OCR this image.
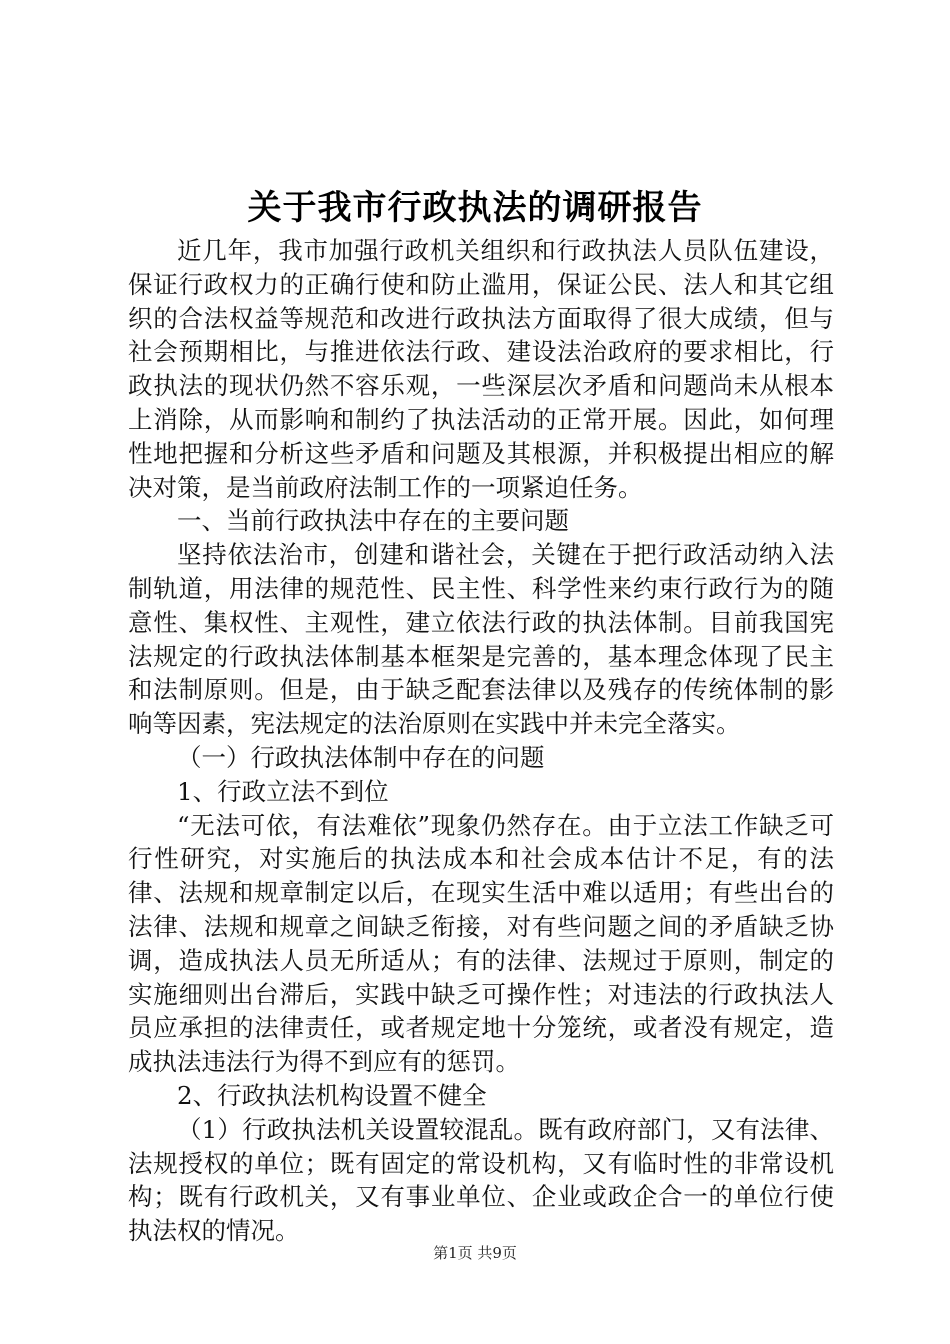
关于我市行政执法的调研报告

近几年，我市加强行政机关组织和行政执法人员队伍建设，保证行政权力的正确行使和防止滥用，保证公民、法人和其它组织的合法权益等规范和改进行政执法方面取得了很大成绩，但与社会预期相比，与推进依法行政、建设法治政府的要求相比，行政执法的现状仍然不容乐观，一些深层次矛盾和问题尚未从根本上消除，从而影响和制约了执法活动的正常开展。因此，如何理性地把握和分析这些矛盾和问题及其根源，并积极提出相应的解决对策，是当前政府法制工作的一项紧迫任务。

一、当前行政执法中存在的主要问题

坚持依法治市，创建和谐社会，关键在于把行政活动纳入法制轨道，用法律的规范性、民主性、科学性来约束行政行为的随意性、集权性、主观性，建立依法行政的执法体制。目前我国宪法规定的行政执法体制基本框架是完善的，基本理念体现了民主和法制原则。但是，由于缺乏配套法律以及残存的传统体制的影响等因素，宪法规定的法治原则在实践中并未完全落实。

（一）行政执法体制中存在的问题

1、行政立法不到位

“无法可依，有法难依”现象仍然存在。由于立法工作缺乏可行性研究，对实施后的执法成本和社会成本估计不足，有的法律、法规和规章制定以后，在现实生活中难以适用；有些出台的法律、法规和规章之间缺乏衔接，对有些问题之间的矛盾缺乏协调，造成执法人员无所适从；有的法律、法规过于原则，制定的实施细则出台滞后，实践中缺乏可操作性；对违法的行政执法人员应承担的法律责任，或者规定地十分笼统，或者没有规定，造成执法违法行为得不到应有的惩罚。

2、行政执法机构设置不健全

（1）行政执法机关设置较混乱。既有政府部门，又有法律、法规授权的单位；既有固定的常设机构，又有临时性的非常设机构；既有行政机关，又有事业单位、企业或政企合一的单位行使执法权的情况。

第1页 共9页
